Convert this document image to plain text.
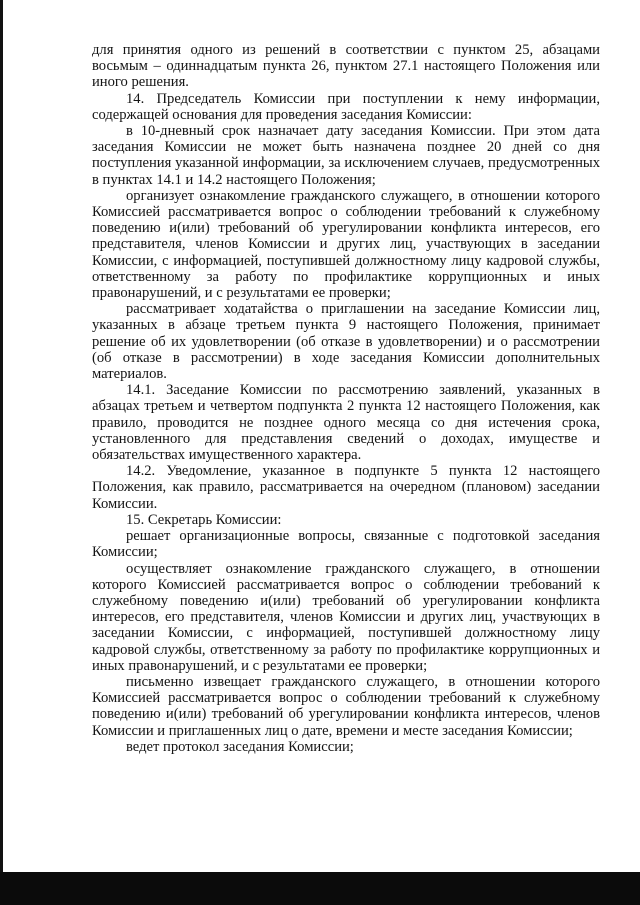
для принятия одного из решений в соответствии с пунктом 25, абзацами восьмым – одиннадцатым пункта 26, пунктом 27.1 настоящего Положения или иного решения.

14. Председатель Комиссии при поступлении к нему информации, содержащей основания для проведения заседания Комиссии:

в 10-дневный срок назначает дату заседания Комиссии. При этом дата заседания Комиссии не может быть назначена позднее 20 дней со дня поступления указанной информации, за исключением случаев, предусмотренных в пунктах 14.1 и 14.2 настоящего Положения;

организует ознакомление гражданского служащего, в отношении которого Комиссией рассматривается вопрос о соблюдении требований к служебному поведению и(или) требований об урегулировании конфликта интересов, его представителя, членов Комиссии и других лиц, участвующих в заседании Комиссии, с информацией, поступившей должностному лицу кадровой службы, ответственному за работу по профилактике коррупционных и иных правонарушений, и с результатами ее проверки;

рассматривает ходатайства о приглашении на заседание Комиссии лиц, указанных в абзаце третьем пункта 9 настоящего Положения, принимает решение об их удовлетворении (об отказе в удовлетворении) и о рассмотрении (об отказе в рассмотрении) в ходе заседания Комиссии дополнительных материалов.

14.1. Заседание Комиссии по рассмотрению заявлений, указанных в абзацах третьем и четвертом подпункта 2 пункта 12 настоящего Положения, как правило, проводится не позднее одного месяца со дня истечения срока, установленного для представления сведений о доходах, имуществе и обязательствах имущественного характера.

14.2. Уведомление, указанное в подпункте 5 пункта 12 настоящего Положения, как правило, рассматривается на очередном (плановом) заседании Комиссии.

15. Секретарь Комиссии:

решает организационные вопросы, связанные с подготовкой заседания Комиссии;

осуществляет ознакомление гражданского служащего, в отношении которого Комиссией рассматривается вопрос о соблюдении требований к служебному поведению и(или) требований об урегулировании конфликта интересов, его представителя, членов Комиссии и других лиц, участвующих в заседании Комиссии, с информацией, поступившей должностному лицу кадровой службы, ответственному за работу по профилактике коррупционных и иных правонарушений, и с результатами ее проверки;

письменно извещает гражданского служащего, в отношении которого Комиссией рассматривается вопрос о соблюдении требований к служебному поведению и(или) требований об урегулировании конфликта интересов, членов Комиссии и приглашенных лиц о дате, времени и месте заседания Комиссии;

ведет протокол заседания Комиссии;
